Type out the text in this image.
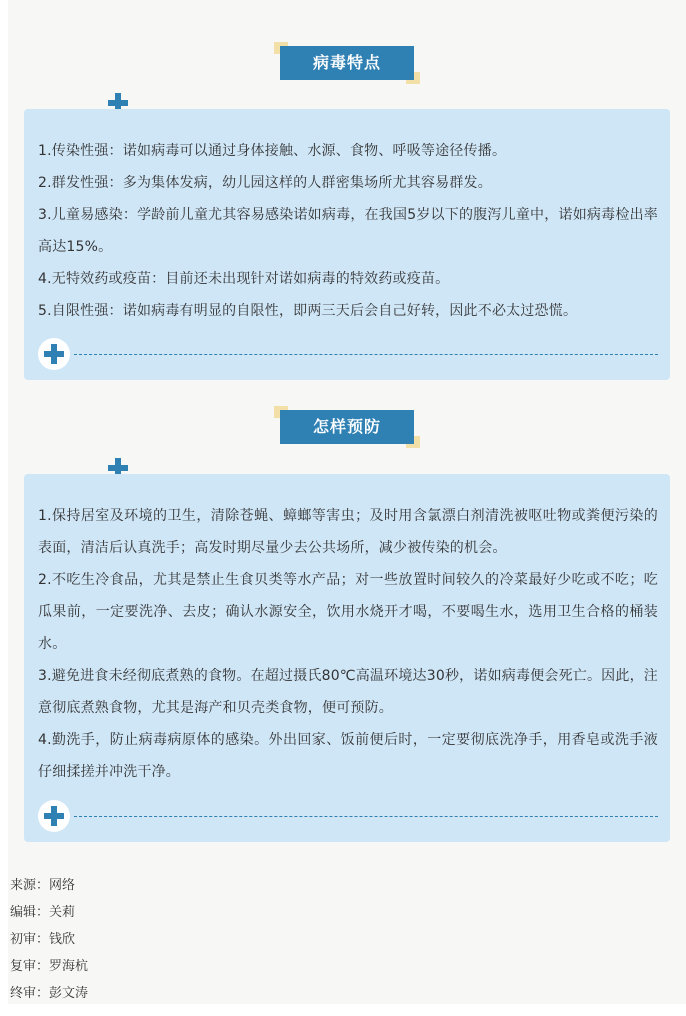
病毒特点

1.传染性强：诺如病毒可以通过身体接触、水源、食物、呼吸等途径传播。

2.群发性强：多为集体发病，幼儿园这样的人群密集场所尤其容易群发。

3.儿童易感染：学龄前儿童尤其容易感染诺如病毒，在我国5岁以下的腹泻儿童中，诺如病毒检出率高达15%。

4.无特效药或疫苗：目前还未出现针对诺如病毒的特效药或疫苗。

5.自限性强：诺如病毒有明显的自限性，即两三天后会自己好转，因此不必太过恐慌。

怎样预防

1.保持居室及环境的卫生，清除苍蝇、蟑螂等害虫；及时用含氯漂白剂清洗被呕吐物或粪便污染的表面，清洁后认真洗手；高发时期尽量少去公共场所，减少被传染的机会。

2.不吃生冷食品，尤其是禁止生食贝类等水产品；对一些放置时间较久的冷菜最好少吃或不吃；吃瓜果前，一定要洗净、去皮；确认水源安全，饮用水烧开才喝，不要喝生水，选用卫生合格的桶装水。

3.避免进食未经彻底煮熟的食物。在超过摄氏80℃高温环境达30秒，诺如病毒便会死亡。因此，注意彻底煮熟食物，尤其是海产和贝壳类食物，便可预防。

4.勤洗手，防止病毒病原体的感染。外出回家、饭前便后时，一定要彻底洗净手，用香皂或洗手液仔细揉搓并冲洗干净。

来源：网络
编辑：关莉
初审：钱欣
复审：罗海杭
终审：彭文涛
